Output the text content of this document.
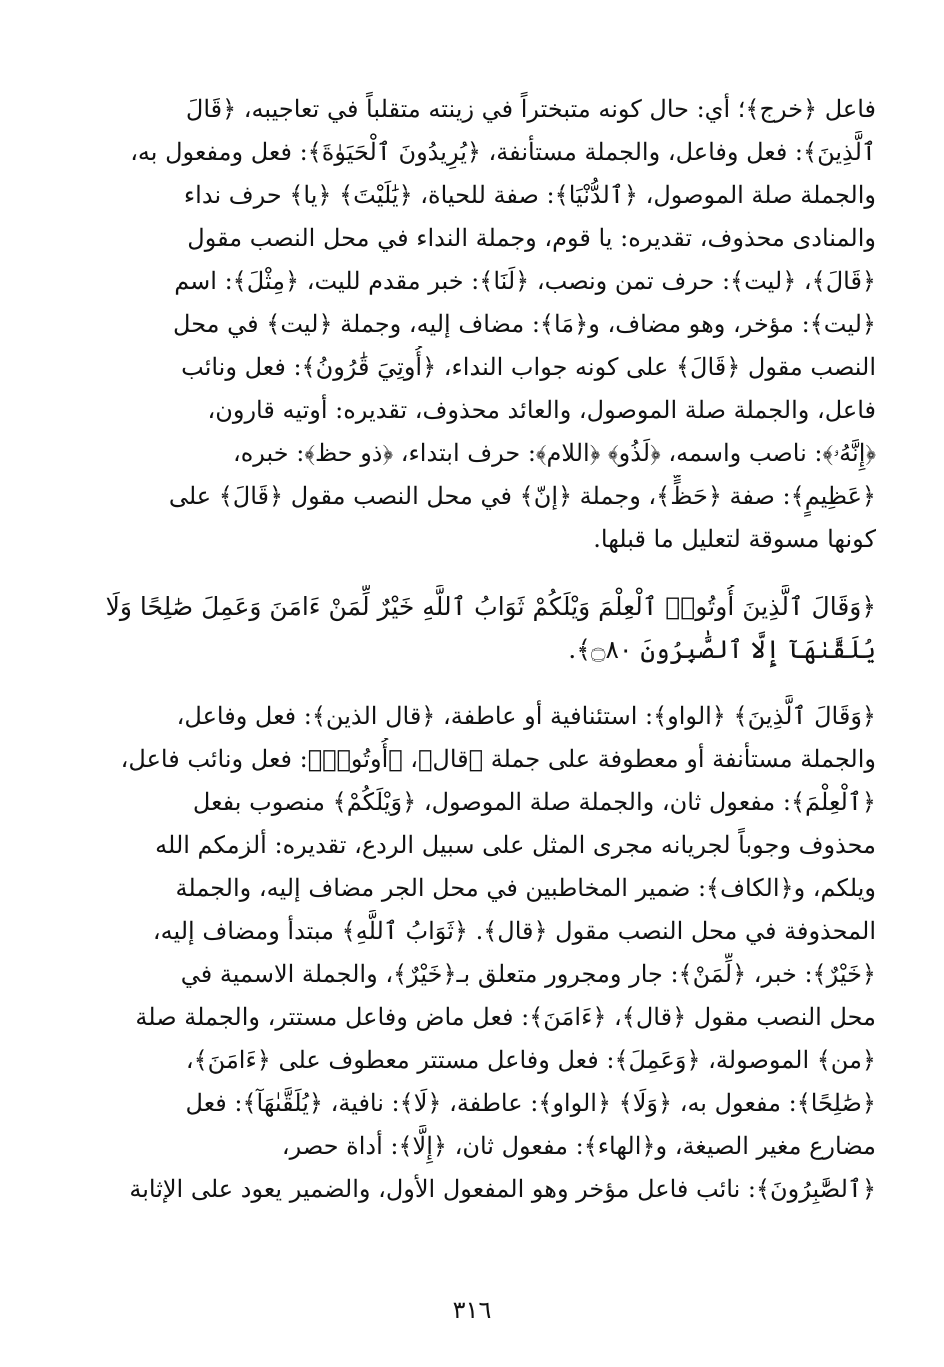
فاعل ﴿خرج﴾؛ أي: حال كونه متبختراً في زينته متقلباً في تعاجيبه، ﴿قَالَ

ٱلَّذِينَ﴾: فعل وفاعل، والجملة مستأنفة، ﴿يُرِيدُونَ ٱلْحَيَوٰةَ﴾: فعل ومفعول به،

والجملة صلة الموصول، ﴿ٱلدُّنْيَا﴾: صفة للحياة، ﴿يَٰلَيْتَ﴾ ﴿يا﴾ حرف نداء

والمنادى محذوف، تقديره: يا قوم، وجملة النداء في محل النصب مقول

﴿قَالَ﴾، ﴿ليت﴾: حرف تمن ونصب، ﴿لَنَا﴾: خبر مقدم لليت، ﴿مِثْلَ﴾: اسم

﴿ليت﴾: مؤخر، وهو مضاف، و﴿مَا﴾: مضاف إليه، وجملة ﴿ليت﴾ في محل

النصب مقول ﴿قَالَ﴾ على كونه جواب النداء، ﴿أُوتِيَ قَٰرُونُ﴾: فعل ونائب

فاعل، والجملة صلة الموصول، والعائد محذوف، تقديره: أوتيه قارون،

﴿إِنَّهُۥ﴾: ناصب واسمه، ﴿لَذُو﴾ ﴿اللام﴾: حرف ابتداء، ﴿ذو حظ﴾: خبره،

﴿عَظِيمٍ﴾: صفة ﴿حَظٍّ﴾، وجملة ﴿إنّ﴾ في محل النصب مقول ﴿قَالَ﴾ على

كونها مسوقة لتعليل ما قبلها.

﴿وَقَالَ ٱلَّذِينَ أُوتُوا۟ ٱلْعِلْمَ وَيْلَكُمْ ثَوَابُ ٱللَّهِ خَيْرٌ لِّمَنْ ءَامَنَ وَعَمِلَ صَٰلِحًا وَلَا

يُلَقَّىٰهَآ إِلَّا ٱلصَّٰبِرُونَ ۝٨٠﴾.

﴿وَقَالَ ٱلَّذِينَ﴾ ﴿الواو﴾: استئنافية أو عاطفة، ﴿قال الذين﴾: فعل وفاعل،

والجملة مستأنفة أو معطوفة على جملة ﴿قال﴾، ﴿أُوتُوا۟﴾: فعل ونائب فاعل،

﴿ٱلْعِلْمَ﴾: مفعول ثان، والجملة صلة الموصول، ﴿وَيْلَكُمْ﴾ منصوب بفعل

محذوف وجوباً لجريانه مجرى المثل على سبيل الردع، تقديره: ألزمكم الله

ويلكم، و﴿الكاف﴾: ضمير المخاطبين في محل الجر مضاف إليه، والجملة

المحذوفة في محل النصب مقول ﴿قال﴾. ﴿ثَوَابُ ٱللَّهِ﴾ مبتدأ ومضاف إليه،

﴿خَيْرٌ﴾: خبر، ﴿لِّمَنْ﴾: جار ومجرور متعلق بـ﴿خَيْرٌ﴾، والجملة الاسمية في

محل النصب مقول ﴿قال﴾، ﴿ءَامَنَ﴾: فعل ماض وفاعل مستتر، والجملة صلة

﴿من﴾ الموصولة، ﴿وَعَمِلَ﴾: فعل وفاعل مستتر معطوف على ﴿ءَامَنَ﴾،

﴿صَٰلِحًا﴾: مفعول به، ﴿وَلَا﴾ ﴿الواو﴾: عاطفة، ﴿لَا﴾: نافية، ﴿يُلَقَّىٰهَآ﴾: فعل

مضارع مغير الصيغة، و﴿الهاء﴾: مفعول ثان، ﴿إِلَّا﴾: أداة حصر،

﴿ٱلصَّٰبِرُونَ﴾: نائب فاعل مؤخر وهو المفعول الأول، والضمير يعود على الإثابة

٣١٦
